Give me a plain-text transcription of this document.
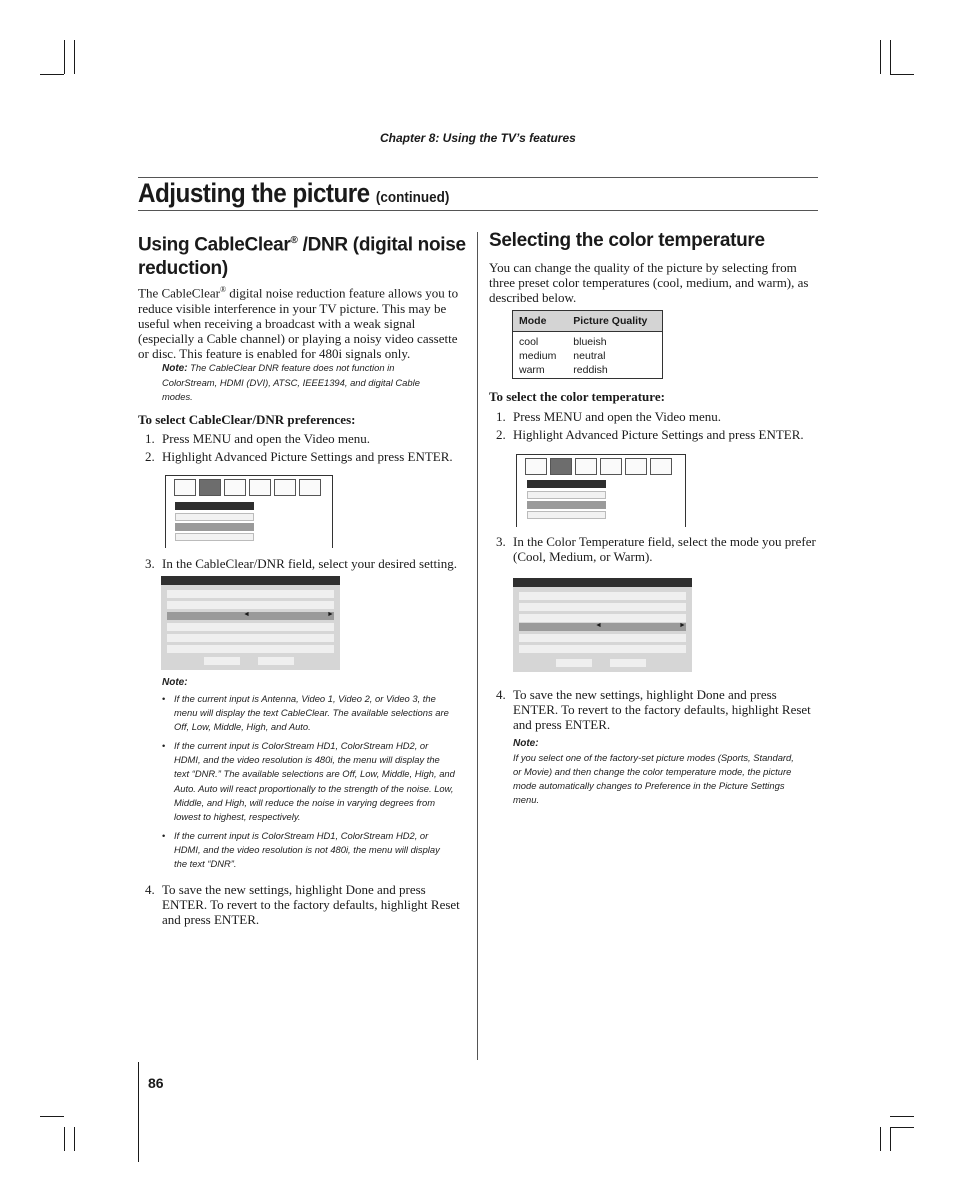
Chapter 8: Using the TV’s features
Adjusting the picture (continued)
Using CableClear® /DNR (digital noise reduction)
The CableClear® digital noise reduction feature allows you to reduce visible interference in your TV picture. This may be useful when receiving a broadcast with a weak signal (especially a Cable channel) or playing a noisy video cassette or disc. This feature is enabled for 480i signals only.
Note: The CableClear DNR feature does not function in ColorStream, HDMI (DVI), ATSC, IEEE1394, and digital Cable modes.
To select CableClear/DNR preferences:
1. Press MENU and open the Video menu.
2. Highlight Advanced Picture Settings and press ENTER.
3. In the CableClear/DNR field, select your desired setting.
◄	►
Note:
• If the current input is Antenna, Video 1, Video 2, or Video 3, the menu will display the text CableClear. The available selections are Off, Low, Middle, High, and Auto.
• If the current input is ColorStream HD1, ColorStream HD2, or HDMI, and the video resolution is 480i, the menu will display the text “DNR.” The available selections are Off, Low, Middle, High, and Auto. Auto will react proportionally to the strength of the noise. Low, Middle, and High, will reduce the noise in varying degrees from lowest to highest, respectively.
• If the current input is ColorStream HD1, ColorStream HD2, or HDMI, and the video resolution is not 480i, the menu will display the text “DNR”.
4. To save the new settings, highlight Done and press ENTER. To revert to the factory defaults, highlight Reset and press ENTER.
Selecting the color temperature
You can change the quality of the picture by selecting from three preset color temperatures (cool, medium, and warm), as described below.
Mode	Picture Quality
cool	blueish
medium	neutral
warm	reddish
To select the color temperature:
1. Press MENU and open the Video menu.
2. Highlight Advanced Picture Settings and press ENTER.
3. In the Color Temperature field, select the mode you prefer (Cool, Medium, or Warm).
◄	►
4. To save the new settings, highlight Done and press ENTER. To revert to the factory defaults, highlight Reset and press ENTER.
Note:
If you select one of the factory-set picture modes (Sports, Standard, or Movie) and then change the color temperature mode, the picture mode automatically changes to Preference in the Picture Settings menu.
86
